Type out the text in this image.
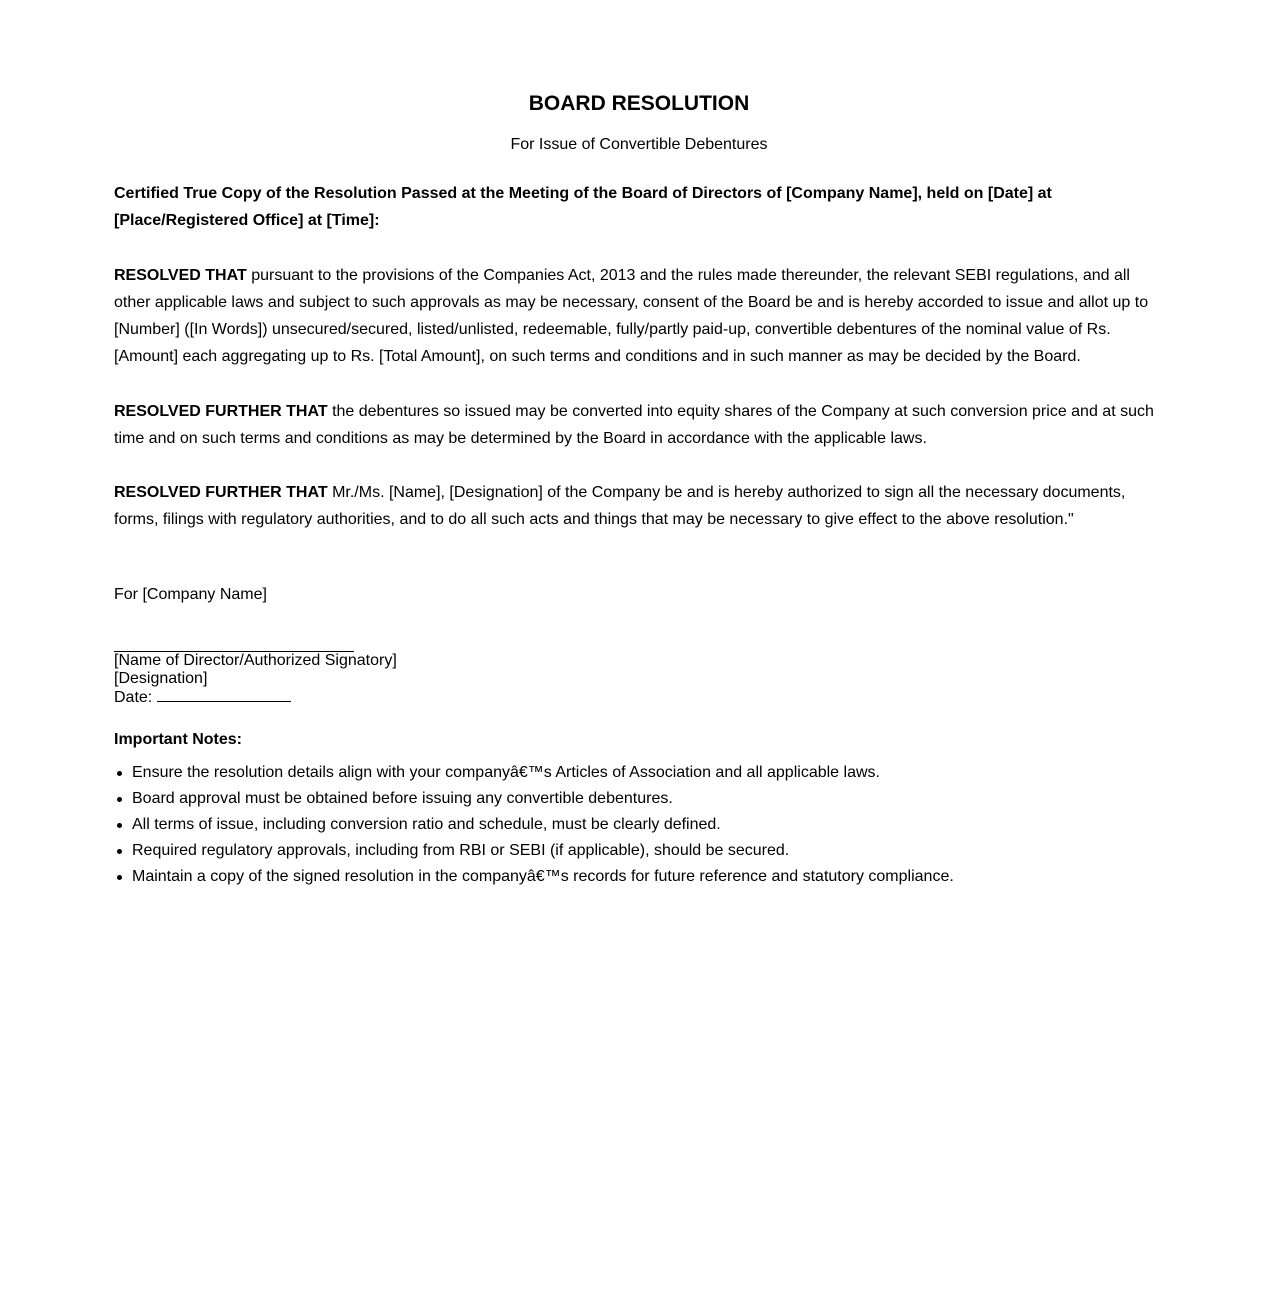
BOARD RESOLUTION

For Issue of Convertible Debentures

Certified True Copy of the Resolution Passed at the Meeting of the Board of Directors of [Company Name], held on [Date] at [Place/Registered Office] at [Time]:

RESOLVED THAT pursuant to the provisions of the Companies Act, 2013 and the rules made thereunder, the relevant SEBI regulations, and all other applicable laws and subject to such approvals as may be necessary, consent of the Board be and is hereby accorded to issue and allot up to [Number] ([In Words]) unsecured/secured, listed/unlisted, redeemable, fully/partly paid-up, convertible debentures of the nominal value of Rs. [Amount] each aggregating up to Rs. [Total Amount], on such terms and conditions and in such manner as may be decided by the Board.

RESOLVED FURTHER THAT the debentures so issued may be converted into equity shares of the Company at such conversion price and at such time and on such terms and conditions as may be determined by the Board in accordance with the applicable laws.

RESOLVED FURTHER THAT Mr./Ms. [Name], [Designation] of the Company be and is hereby authorized to sign all the necessary documents, forms, filings with regulatory authorities, and to do all such acts and things that may be necessary to give effect to the above resolution."

For [Company Name]

[Name of Director/Authorized Signatory]
[Designation]
Date:

Important Notes:

Ensure the resolution details align with your companyâ€™s Articles of Association and all applicable laws.
Board approval must be obtained before issuing any convertible debentures.
All terms of issue, including conversion ratio and schedule, must be clearly defined.
Required regulatory approvals, including from RBI or SEBI (if applicable), should be secured.
Maintain a copy of the signed resolution in the companyâ€™s records for future reference and statutory compliance.
